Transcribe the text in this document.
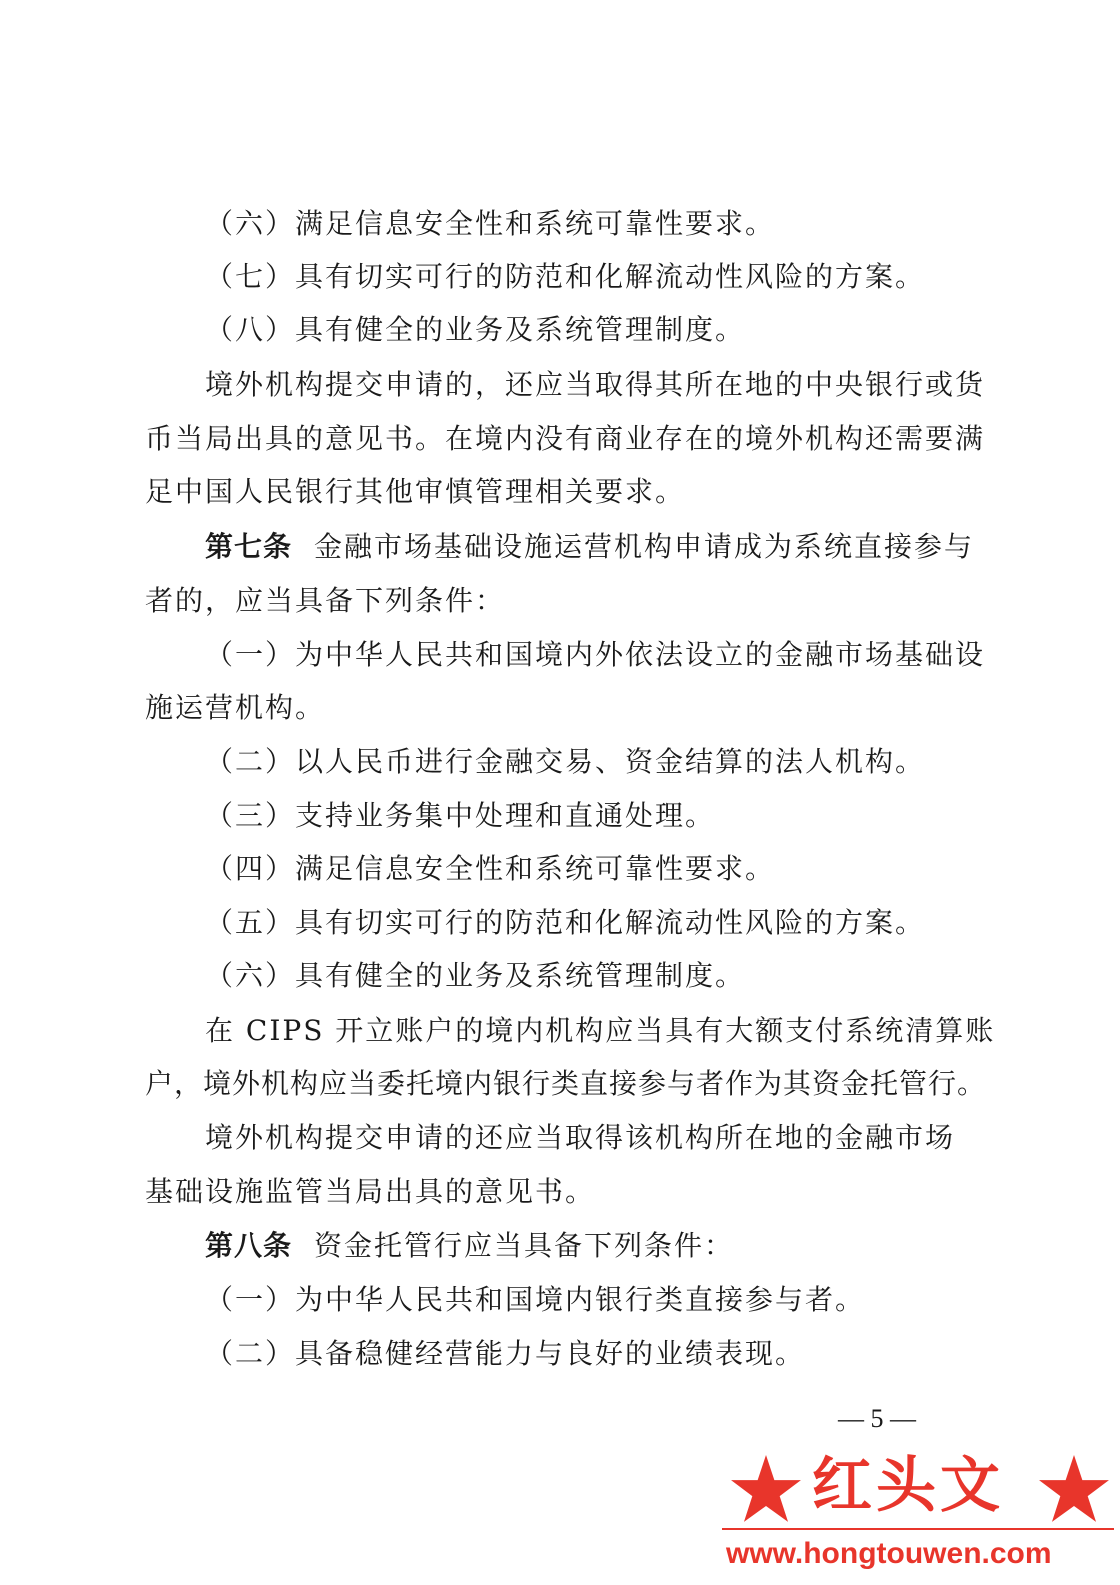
（六）满足信息安全性和系统可靠性要求。
（七）具有切实可行的防范和化解流动性风险的方案。
（八）具有健全的业务及系统管理制度。
境外机构提交申请的，还应当取得其所在地的中央银行或货
币当局出具的意见书。在境内没有商业存在的境外机构还需要满
足中国人民银行其他审慎管理相关要求。
第七条 金融市场基础设施运营机构申请成为系统直接参与
者的，应当具备下列条件：
（一）为中华人民共和国境内外依法设立的金融市场基础设
施运营机构。
（二）以人民币进行金融交易、资金结算的法人机构。
（三）支持业务集中处理和直通处理。
（四）满足信息安全性和系统可靠性要求。
（五）具有切实可行的防范和化解流动性风险的方案。
（六）具有健全的业务及系统管理制度。
在 CIPS 开立账户的境内机构应当具有大额支付系统清算账
户，境外机构应当委托境内银行类直接参与者作为其资金托管行。
境外机构提交申请的还应当取得该机构所在地的金融市场
基础设施监管当局出具的意见书。
第八条 资金托管行应当具备下列条件：
（一）为中华人民共和国境内银行类直接参与者。
（二）具备稳健经营能力与良好的业绩表现。
— 5 —
红头文
www.hongtouwen.com
